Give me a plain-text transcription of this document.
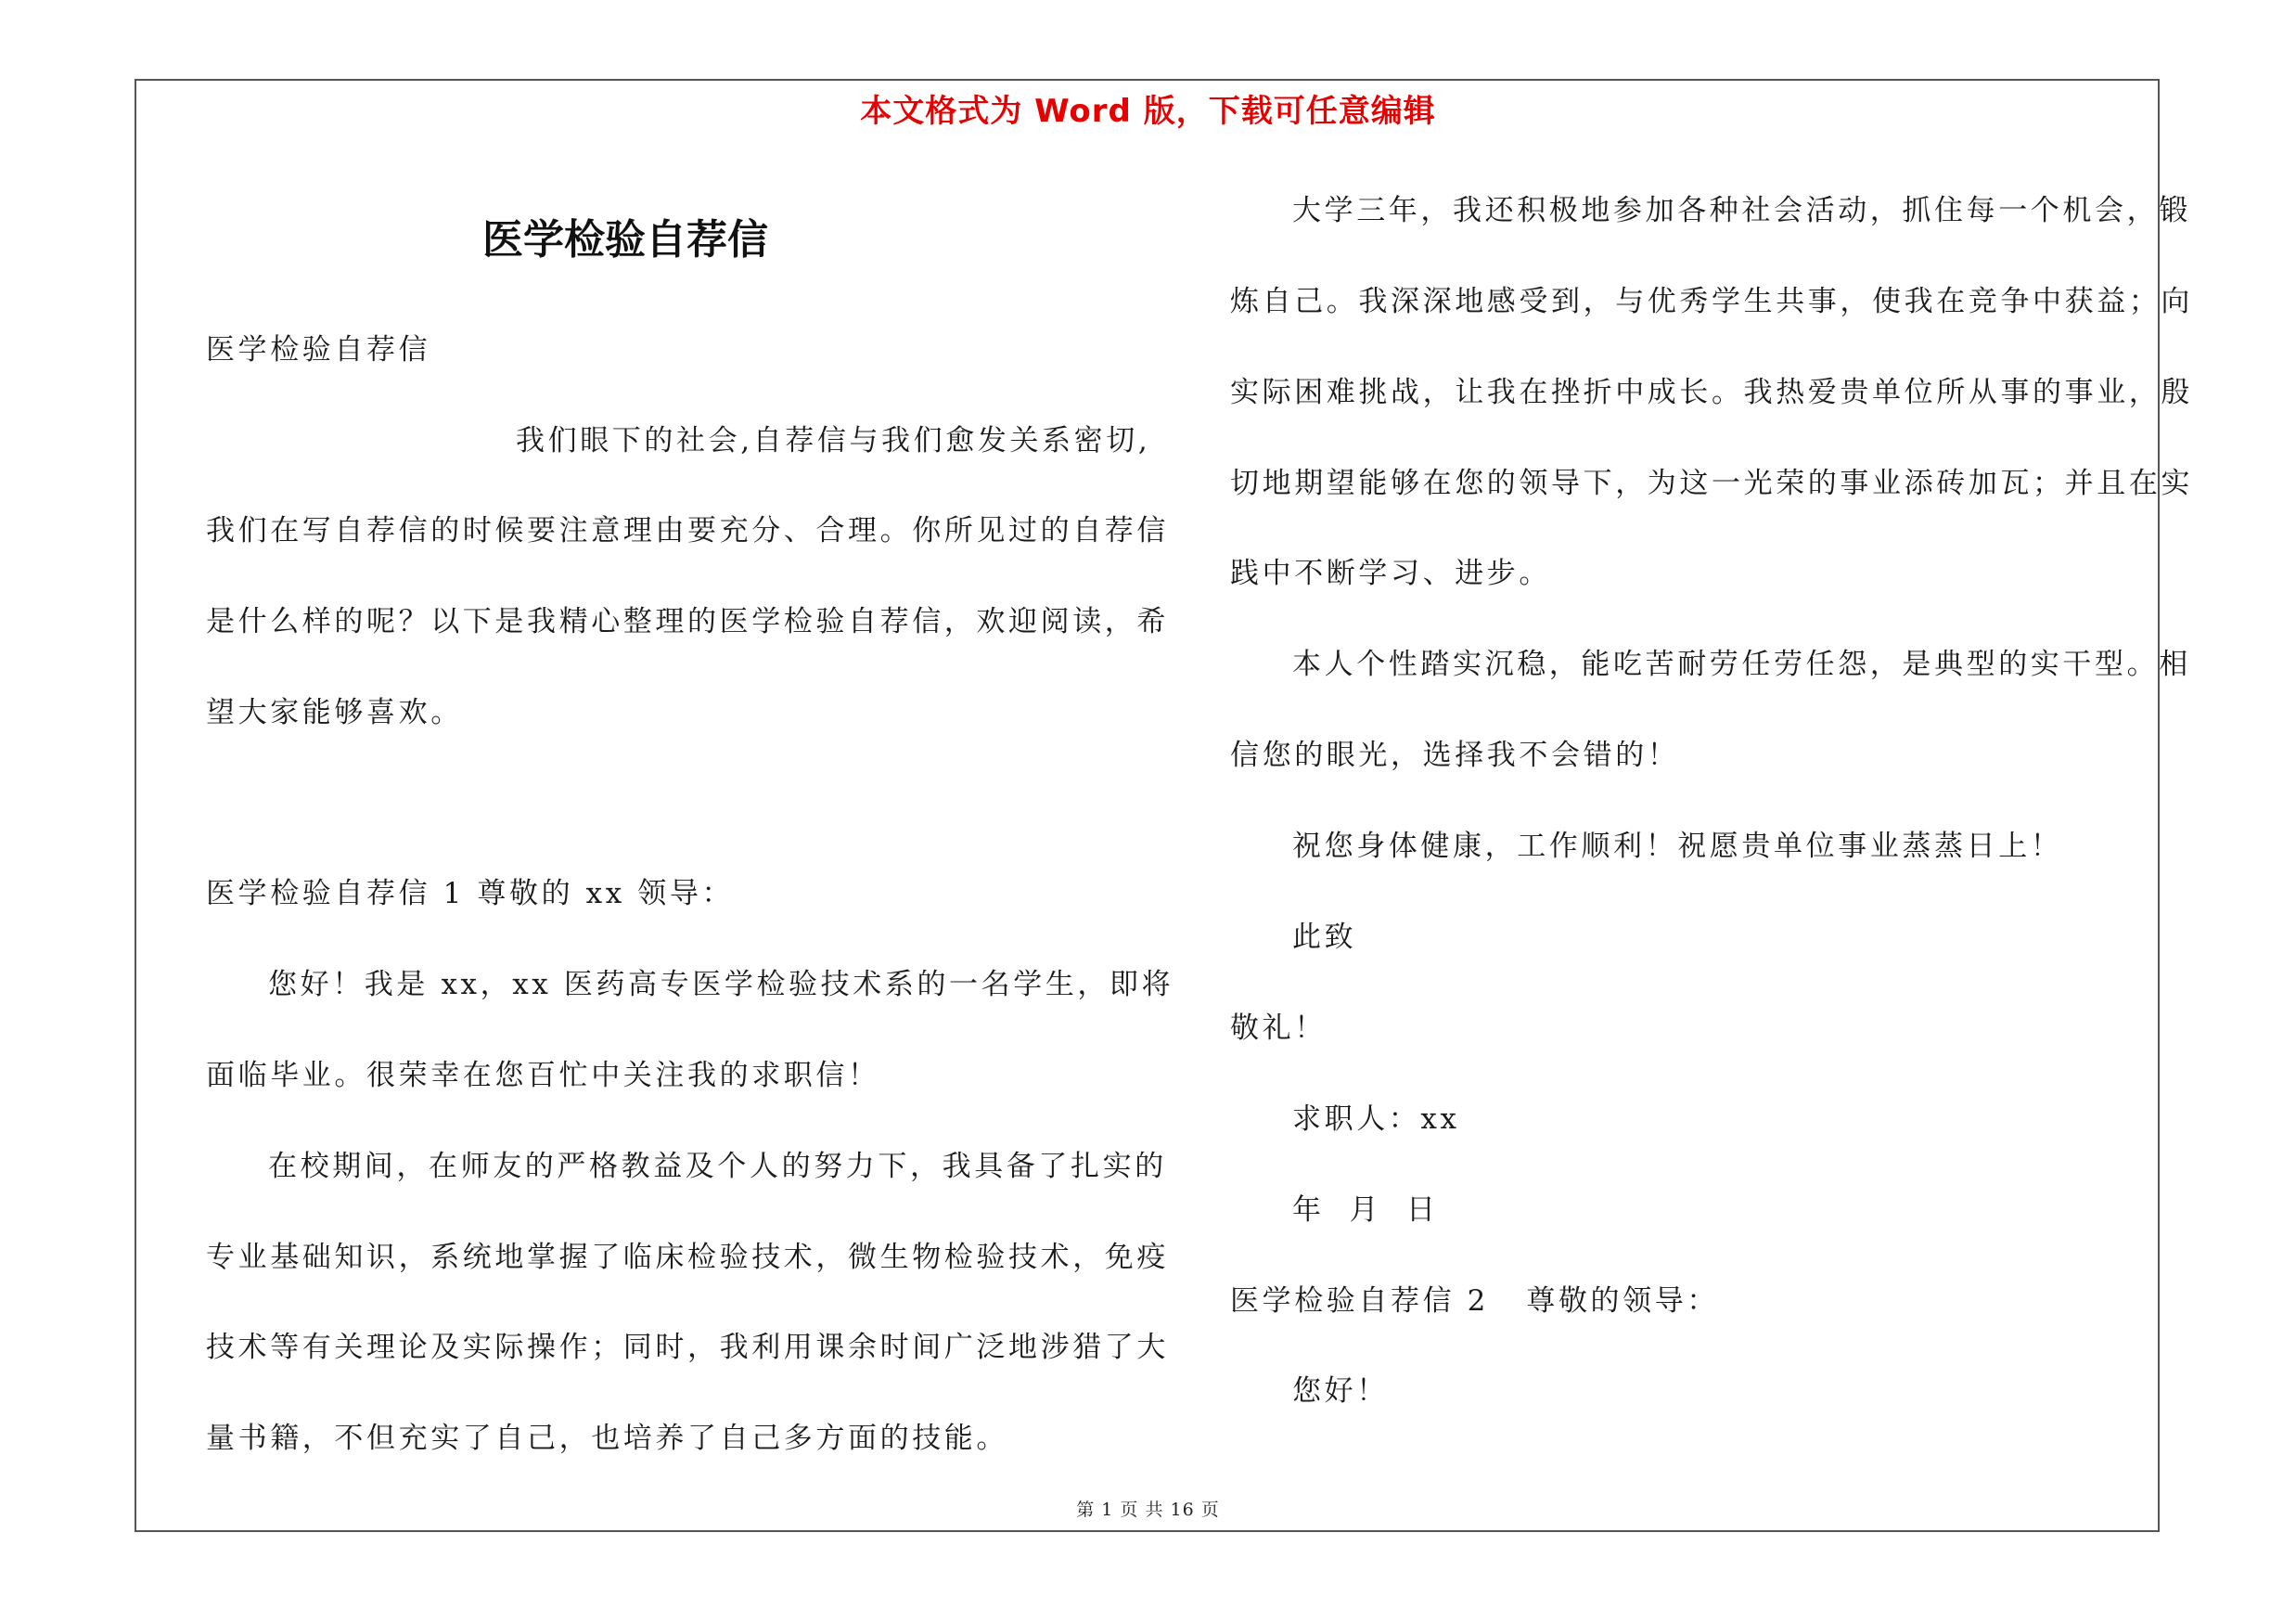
本文格式为 Word 版，下载可任意编辑
医学检验自荐信
医学检验自荐信
我们眼下的社会,自荐信与我们愈发关系密切,
我们在写自荐信的时候要注意理由要充分、合理。你所见过的自荐信
是什么样的呢？以下是我精心整理的医学检验自荐信，欢迎阅读，希
望大家能够喜欢。
医学检验自荐信 1 尊敬的 xx 领导：
您好！我是 xx，xx 医药高专医学检验技术系的一名学生，即将
面临毕业。很荣幸在您百忙中关注我的求职信！
在校期间，在师友的严格教益及个人的努力下，我具备了扎实的
专业基础知识，系统地掌握了临床检验技术，微生物检验技术，免疫
技术等有关理论及实际操作；同时，我利用课余时间广泛地涉猎了大
量书籍，不但充实了自己，也培养了自己多方面的技能。
大学三年，我还积极地参加各种社会活动，抓住每一个机会，锻
炼自己。我深深地感受到，与优秀学生共事，使我在竞争中获益；向
实际困难挑战，让我在挫折中成长。我热爱贵单位所从事的事业，殷
切地期望能够在您的领导下，为这一光荣的事业添砖加瓦；并且在实
践中不断学习、进步。
本人个性踏实沉稳，能吃苦耐劳任劳任怨，是典型的实干型。相
信您的眼光，选择我不会错的！
祝您身体健康，工作顺利！祝愿贵单位事业蒸蒸日上！
此致
敬礼！
求职人：xx
年  月  日
医学检验自荐信 2   尊敬的领导：
您好！
第 1 页 共 16 页
